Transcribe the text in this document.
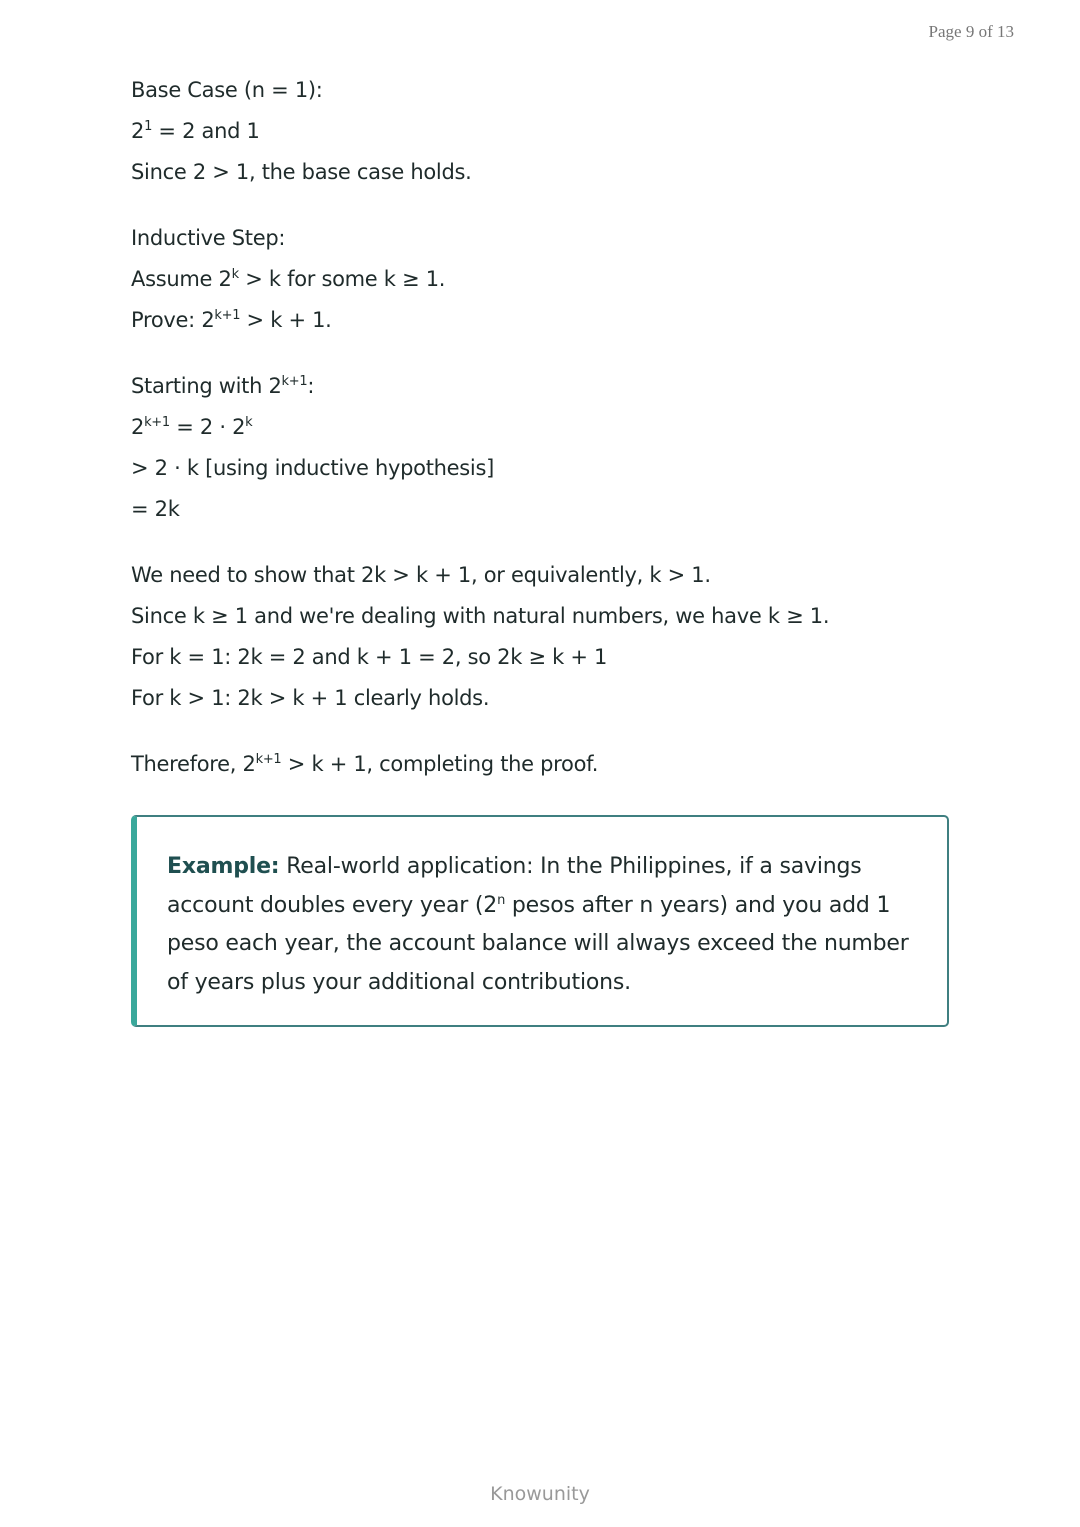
Page 9 of 13
Base Case (n = 1):
$2^1 = 2$ and 1
Since 2 > 1, the base case holds.
Inductive Step:
Assume $2^k > k$ for some k ≥ 1.
Prove: $2^{k+1} > k + 1$.
Starting with $2^{k+1}$:
$2^{k+1} = 2 \cdot 2^k$
> 2 · k [using inductive hypothesis]
= 2k
We need to show that 2k > k + 1, or equivalently, k > 1.
Since k ≥ 1 and we're dealing with natural numbers, we have k ≥ 1.
For k = 1: 2k = 2 and k + 1 = 2, so 2k ≥ k + 1
For k > 1: 2k > k + 1 clearly holds.
Therefore, $2^{k+1} > k + 1$, completing the proof.
Example: Real-world application: In the Philippines, if a savings account doubles every year (2$^n$ pesos after n years) and you add 1 peso each year, the account balance will always exceed the number of years plus your additional contributions.
Knowunity
